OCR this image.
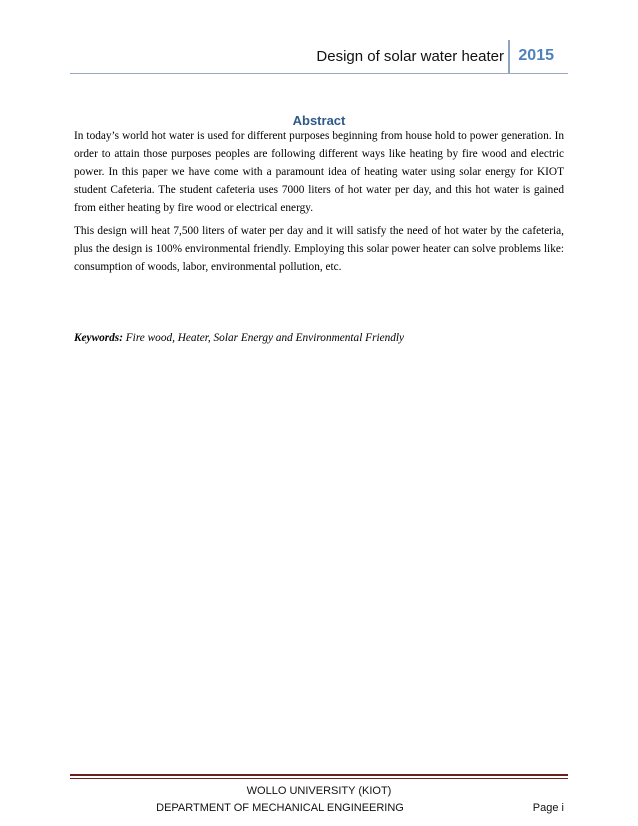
Design of solar water heater 2015
Abstract

In today’s world hot water is used for different purposes beginning from house hold to power generation. In order to attain those purposes peoples are following different ways like heating by fire wood and electric power. In this paper we have come with a paramount idea of heating water using solar energy for KIOT student Cafeteria. The student cafeteria uses 7000 liters of hot water per day, and this hot water is gained from either heating by fire wood or electrical energy.

This design will heat 7,500 liters of water per day and it will satisfy the need of hot water by the cafeteria, plus the design is 100% environmental friendly. Employing this solar power heater can solve problems like: consumption of woods, labor, environmental pollution, etc.

Keywords: Fire wood, Heater, Solar Energy and Environmental Friendly
WOLLO UNIVERSITY (KIOT)
DEPARTMENT OF MECHANICAL ENGINEERING	Page i
